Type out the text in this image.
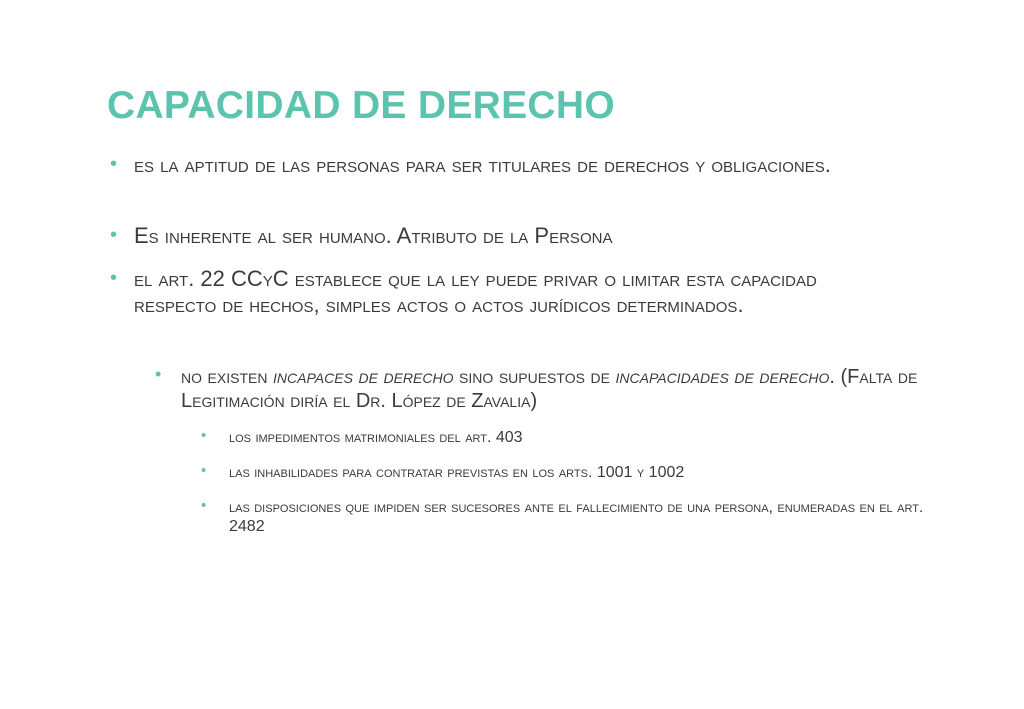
CAPACIDAD DE DERECHO
• es la aptitud de las personas para ser titulares de derechos y obligaciones.
• Es inherente al ser humano. Atributo de la Persona
• el art. 22 CCyC establece que la ley puede privar o limitar esta capacidad respecto de hechos, simples actos o actos jurídicos determinados.
• no existen incapaces de derecho sino supuestos de incapacidades de derecho. (Falta de Legitimación diría el Dr. López de Zavalia)
• los impedimentos matrimoniales del art. 403
• las inhabilidades para contratar previstas en los arts. 1001 y 1002
• las disposiciones que impiden ser sucesores ante el fallecimiento de una persona, enumeradas en el art. 2482
